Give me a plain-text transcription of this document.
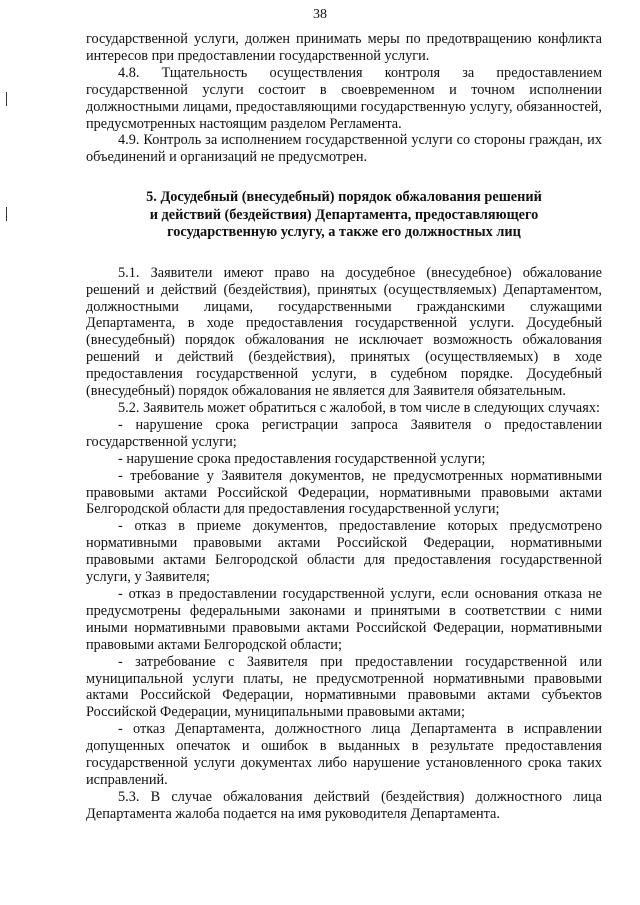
38

государственной услуги, должен принимать меры по предотвращению конфликта интересов при предоставлении государственной услуги.

4.8. Тщательность осуществления контроля за предоставлением государственной услуги состоит в своевременном и точном исполнении должностными лицами, предоставляющими государственную услугу, обязанностей, предусмотренных настоящим разделом Регламента.

4.9. Контроль за исполнением государственной услуги со стороны граждан, их объединений и организаций не предусмотрен.

5. Досудебный (внесудебный) порядок обжалования решений
и действий (бездействия) Департамента, предоставляющего
государственную услугу, а также его должностных лиц

5.1. Заявители имеют право на досудебное (внесудебное) обжалование решений и действий (бездействия), принятых (осуществляемых) Департаментом, должностными лицами, государственными гражданскими служащими Департамента, в ходе предоставления государственной услуги. Досудебный (внесудебный) порядок обжалования не исключает возможность обжалования решений и действий (бездействия), принятых (осуществляемых) в ходе предоставления государственной услуги, в судебном порядке. Досудебный (внесудебный) порядок обжалования не является для Заявителя обязательным.

5.2. Заявитель может обратиться с жалобой, в том числе в следующих случаях:

- нарушение срока регистрации запроса Заявителя о предоставлении государственной услуги;

- нарушение срока предоставления государственной услуги;

- требование у Заявителя документов, не предусмотренных нормативными правовыми актами Российской Федерации, нормативными правовыми актами Белгородской области для предоставления государственной услуги;

- отказ в приеме документов, предоставление которых предусмотрено нормативными правовыми актами Российской Федерации, нормативными правовыми актами Белгородской области для предоставления государственной услуги, у Заявителя;

- отказ в предоставлении государственной услуги, если основания отказа не предусмотрены федеральными законами и принятыми в соответствии с ними иными нормативными правовыми актами Российской Федерации, нормативными правовыми актами Белгородской области;

- затребование с Заявителя при предоставлении государственной или муниципальной услуги платы, не предусмотренной нормативными правовыми актами Российской Федерации, нормативными правовыми актами субъектов Российской Федерации, муниципальными правовыми актами;

- отказ Департамента, должностного лица Департамента в исправлении допущенных опечаток и ошибок в выданных в результате предоставления государственной услуги документах либо нарушение установленного срока таких исправлений.

5.3. В случае обжалования действий (бездействия) должностного лица Департамента жалоба подается на имя руководителя Департамента.
